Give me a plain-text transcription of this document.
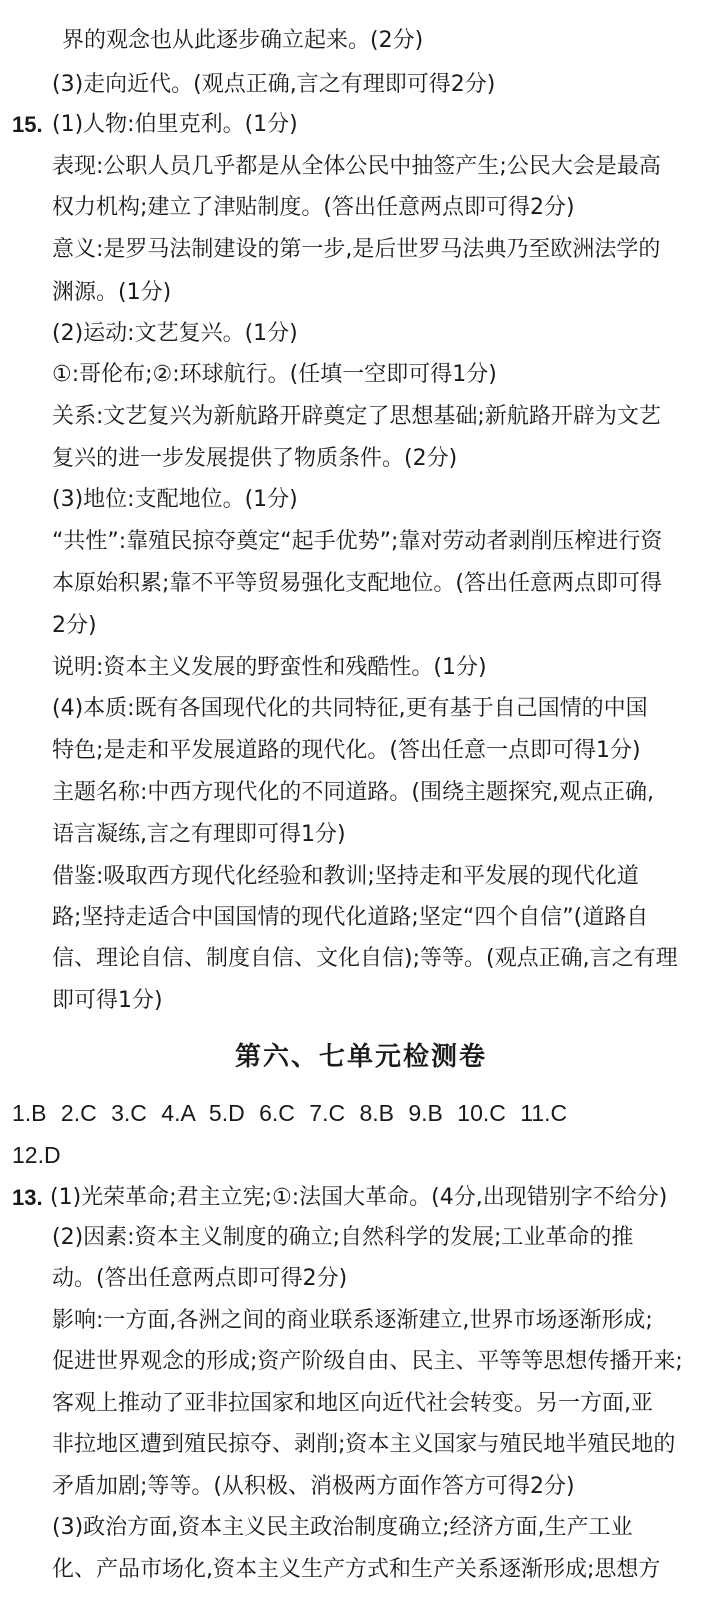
界的观念也从此逐步确立起来。(2分)
(3)走向近代。(观点正确,言之有理即可得2分)
15. (1)人物:伯里克利。(1分)
表现:公职人员几乎都是从全体公民中抽签产生;公民大会是最高
权力机构;建立了津贴制度。(答出任意两点即可得2分)
意义:是罗马法制建设的第一步,是后世罗马法典乃至欧洲法学的
渊源。(1分)
(2)运动:文艺复兴。(1分)
①:哥伦布;②:环球航行。(任填一空即可得1分)
关系:文艺复兴为新航路开辟奠定了思想基础;新航路开辟为文艺
复兴的进一步发展提供了物质条件。(2分)
(3)地位:支配地位。(1分)
“共性”:靠殖民掠夺奠定“起手优势”;靠对劳动者剥削压榨进行资
本原始积累;靠不平等贸易强化支配地位。(答出任意两点即可得
2分)
说明:资本主义发展的野蛮性和残酷性。(1分)
(4)本质:既有各国现代化的共同特征,更有基于自己国情的中国
特色;是走和平发展道路的现代化。(答出任意一点即可得1分)
主题名称:中西方现代化的不同道路。(围绕主题探究,观点正确,
语言凝练,言之有理即可得1分)
借鉴:吸取西方现代化经验和教训;坚持走和平发展的现代化道
路;坚持走适合中国国情的现代化道路;坚定“四个自信”(道路自
信、理论自信、制度自信、文化自信);等等。(观点正确,言之有理
即可得1分)
第六、七单元检测卷
1.B 2.C 3.C 4.A 5.D 6.C 7.C 8.B 9.B 10.C 11.C
12.D
13. (1)光荣革命;君主立宪;①:法国大革命。(4分,出现错别字不给分)
(2)因素:资本主义制度的确立;自然科学的发展;工业革命的推
动。(答出任意两点即可得2分)
影响:一方面,各洲之间的商业联系逐渐建立,世界市场逐渐形成;
促进世界观念的形成;资产阶级自由、民主、平等等思想传播开来;
客观上推动了亚非拉国家和地区向近代社会转变。另一方面,亚
非拉地区遭到殖民掠夺、剥削;资本主义国家与殖民地半殖民地的
矛盾加剧;等等。(从积极、消极两方面作答方可得2分)
(3)政治方面,资本主义民主政治制度确立;经济方面,生产工业
化、产品市场化,资本主义生产方式和生产关系逐渐形成;思想方
